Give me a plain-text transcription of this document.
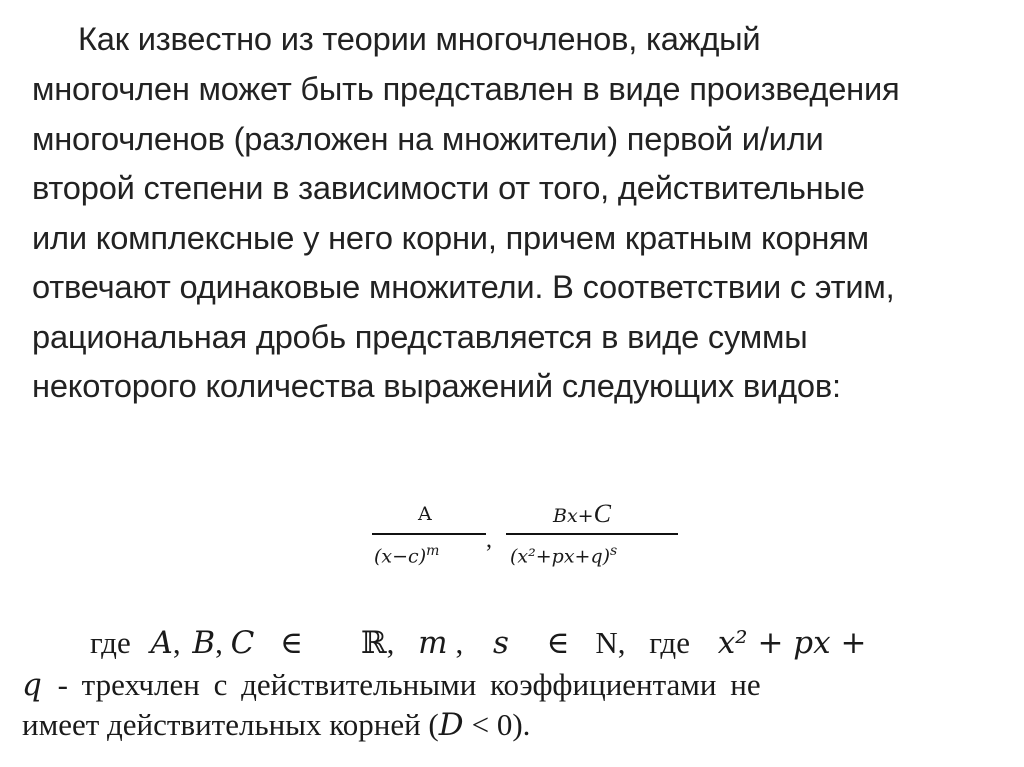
Как известно из теории многочленов, каждый
многочлен может быть представлен в виде произведения
многочленов (разложен на множители) первой и/или
второй степени в зависимости от того, действительные
или комплексные у него корни, причем кратным корням
отвечают одинаковые множители. В соответствии с этим,
рациональная дробь представляется в виде суммы
некоторого количества выражений следующих видов:
A
$(x-c)^m$ ,
Bx+C
$(x^2+px+q)^s$
где A, B, C ∈ ℝ, m , s ∈ N, где x² + px +
q - трехчлен с действительными коэффициентами не
имеет действительных корней (D < 0).
